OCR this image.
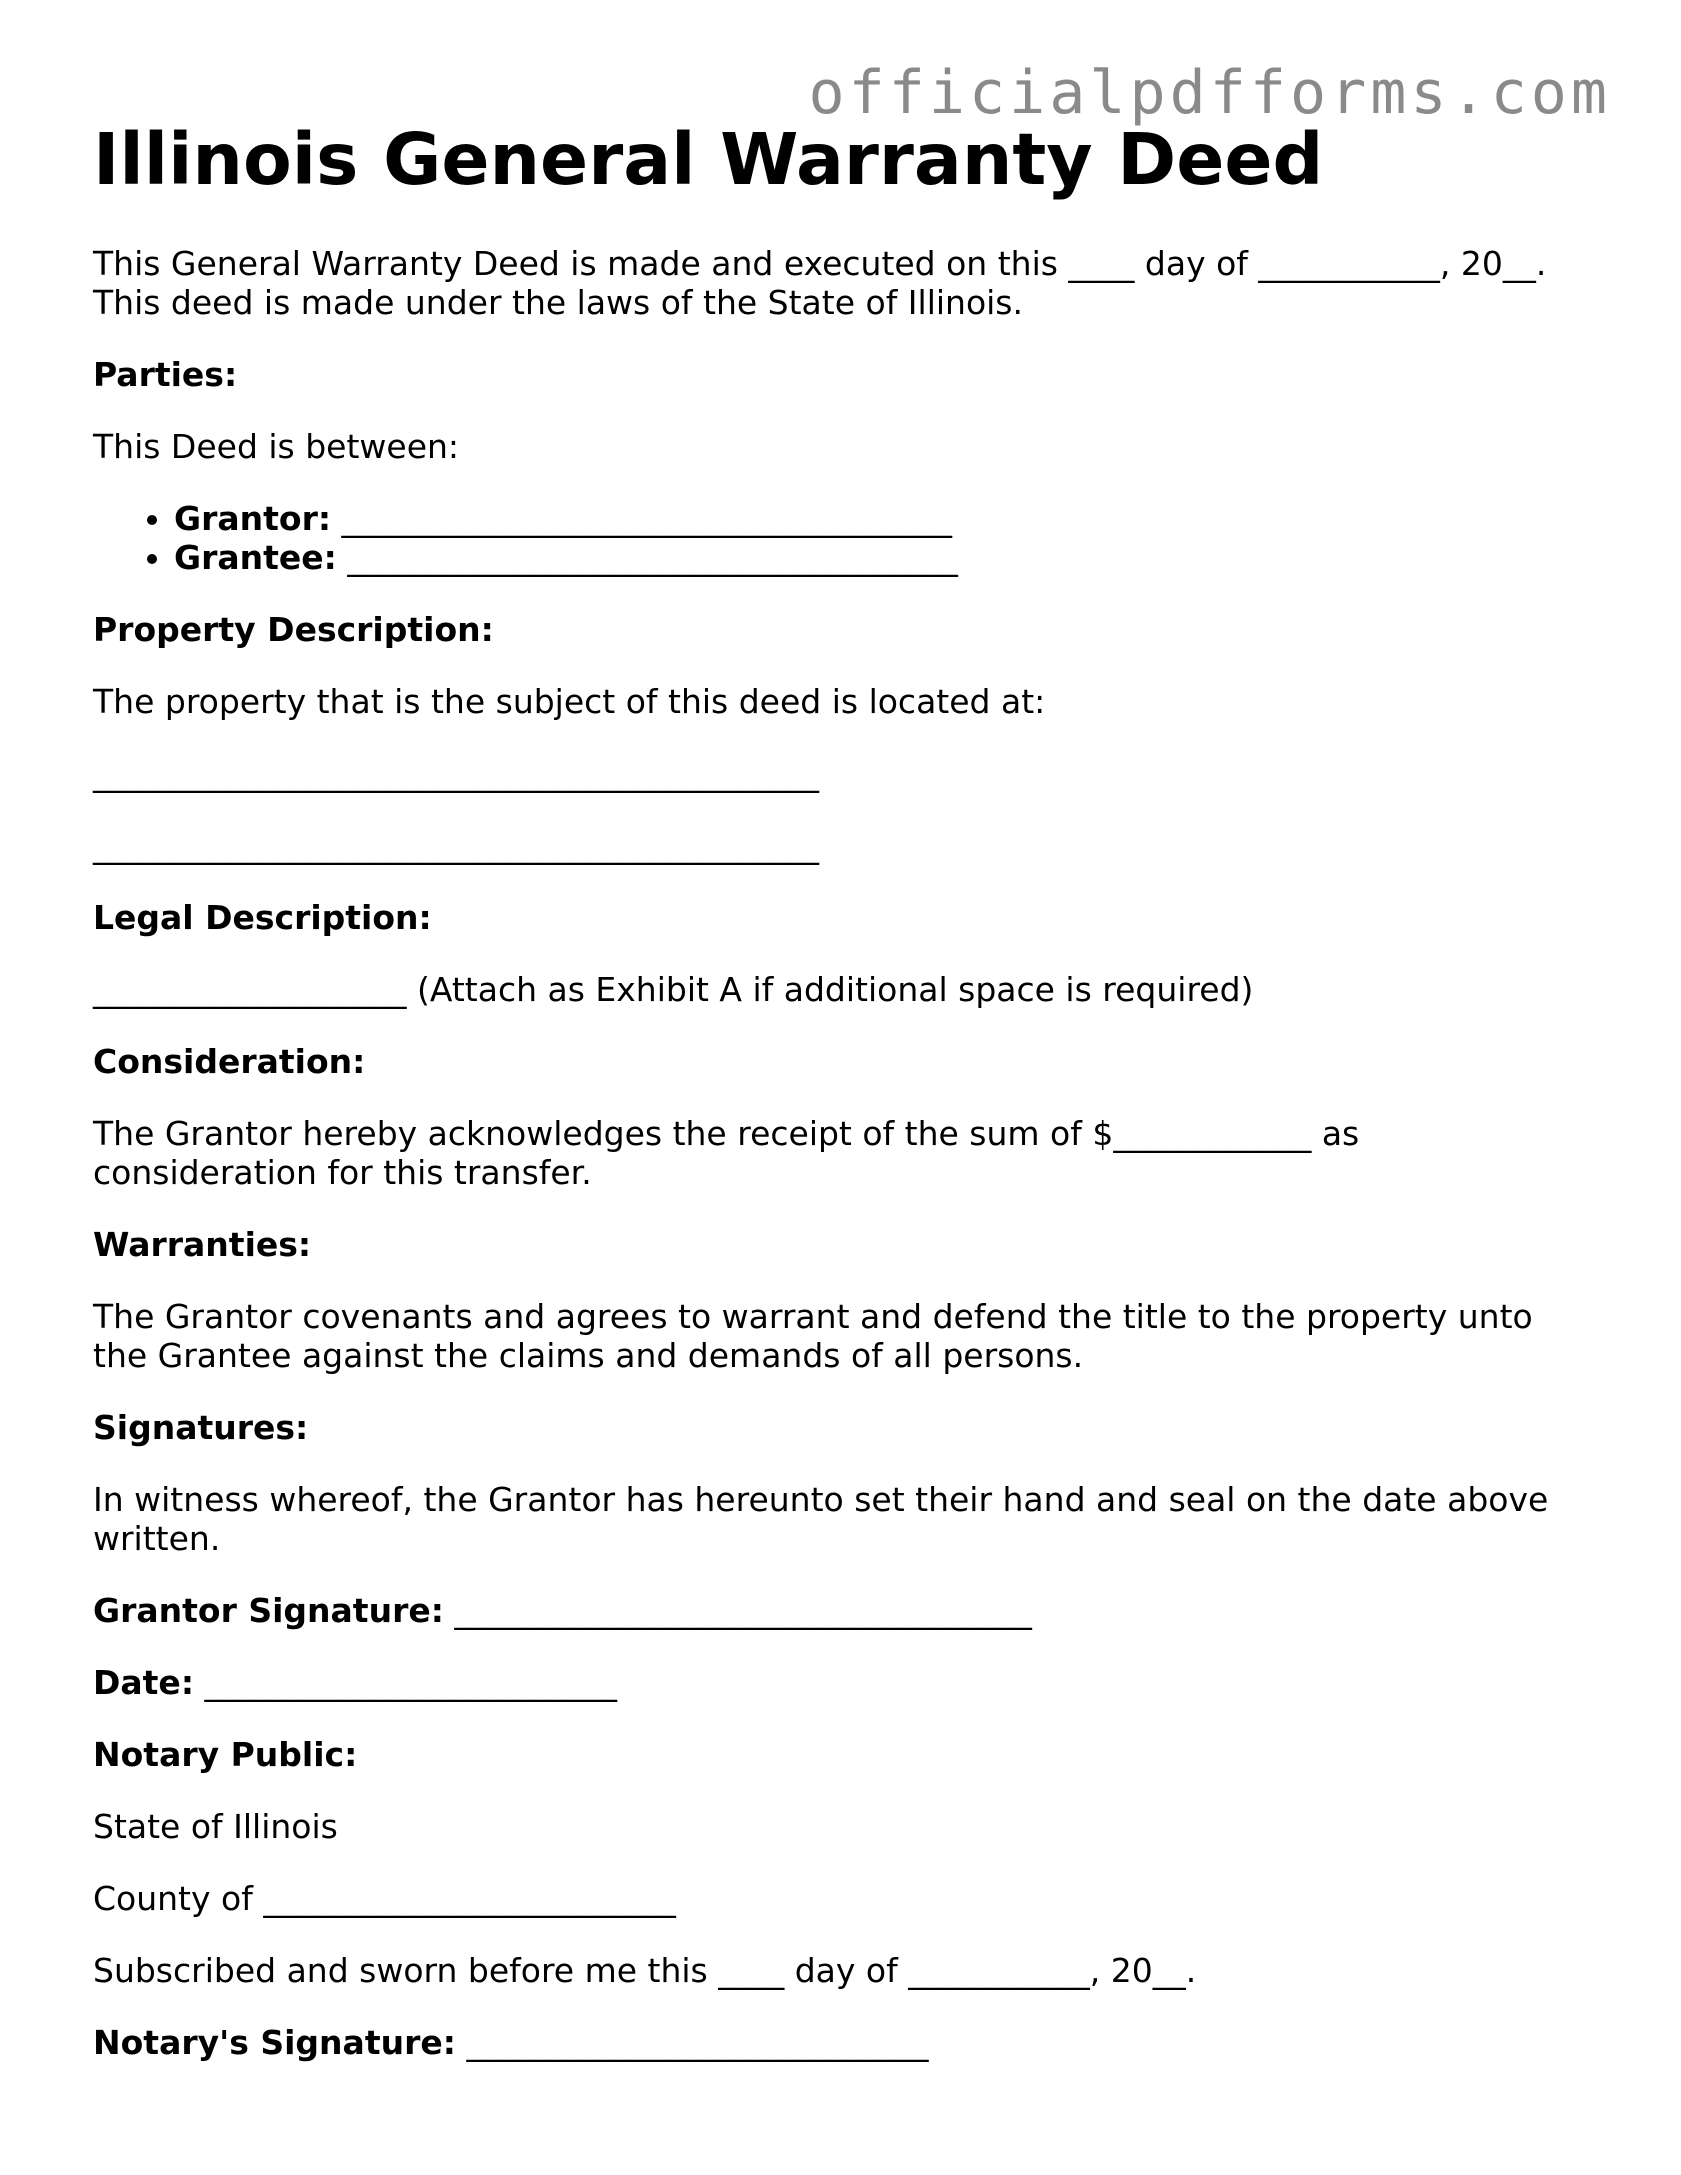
officialpdfforms.com
Illinois General Warranty Deed

This General Warranty Deed is made and executed on this ____ day of ___________, 20__.
This deed is made under the laws of the State of Illinois.

Parties:

This Deed is between:

• Grantor: _____________________________________
• Grantee: _____________________________________

Property Description:

The property that is the subject of this deed is located at:

____________________________________________

____________________________________________

Legal Description:

___________________ (Attach as Exhibit A if additional space is required)

Consideration:

The Grantor hereby acknowledges the receipt of the sum of $____________ as
consideration for this transfer.

Warranties:

The Grantor covenants and agrees to warrant and defend the title to the property unto
the Grantee against the claims and demands of all persons.

Signatures:

In witness whereof, the Grantor has hereunto set their hand and seal on the date above
written.

Grantor Signature: ___________________________________

Date: _________________________

Notary Public:

State of Illinois

County of _________________________

Subscribed and sworn before me this ____ day of ___________, 20__.

Notary's Signature: ____________________________
